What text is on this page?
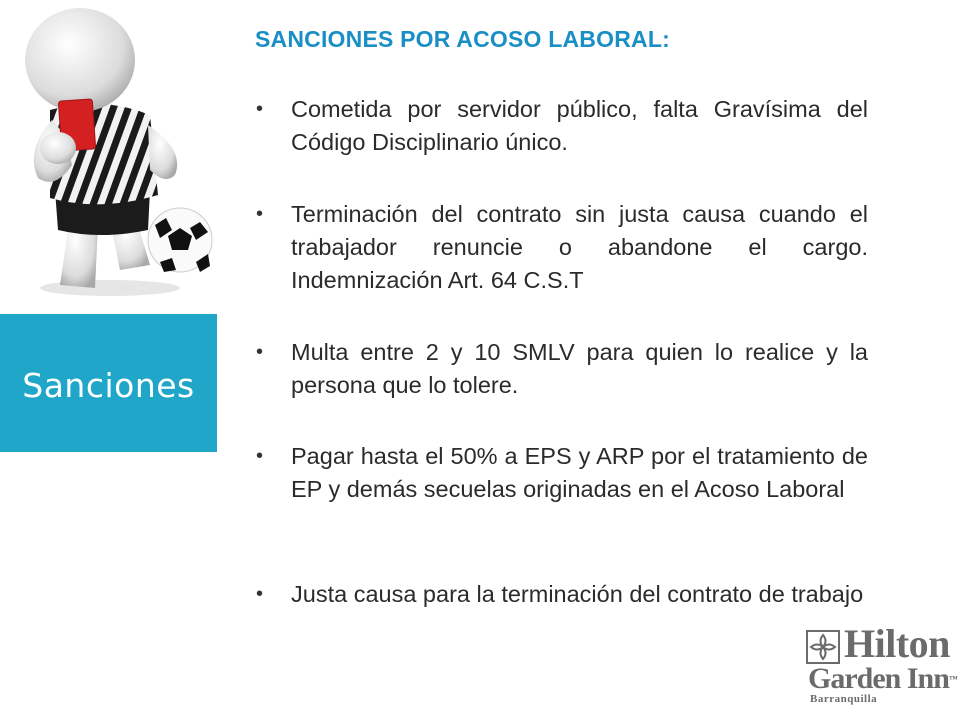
Sanciones
SANCIONES POR ACOSO LABORAL:
• Cometida por servidor público, falta Gravísima del Código Disciplinario único.
• Terminación del contrato sin justa causa cuando el trabajador renuncie o abandone el cargo. Indemnización Art. 64 C.S.T
• Multa entre 2 y 10 SMLV para quien lo realice y la persona que lo tolere.
• Pagar hasta el 50% a EPS y ARP por el tratamiento de EP y demás secuelas originadas en el Acoso Laboral
• Justa causa para la terminación del contrato de trabajo
Hilton
Garden Inn™
Barranquilla
